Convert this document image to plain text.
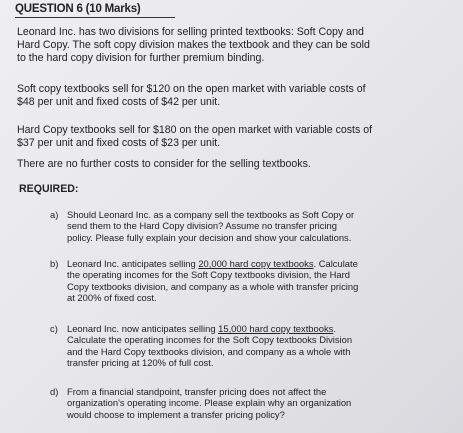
QUESTION 6 (10 Marks)
Leonard Inc. has two divisions for selling printed textbooks: Soft Copy and
Hard Copy. The soft copy division makes the textbook and they can be sold
to the hard copy division for further premium binding.
Soft copy textbooks sell for $120 on the open market with variable costs of
$48 per unit and fixed costs of $42 per unit.
Hard Copy textbooks sell for $180 on the open market with variable costs of
$37 per unit and fixed costs of $23 per unit.
There are no further costs to consider for the selling textbooks.
REQUIRED:
a) Should Leonard Inc. as a company sell the textbooks as Soft Copy or
send them to the Hard Copy division? Assume no transfer pricing
policy. Please fully explain your decision and show your calculations.
b) Leonard Inc. anticipates selling 20,000 hard copy textbooks. Calculate
the operating incomes for the Soft Copy textbooks division, the Hard
Copy textbooks division, and company as a whole with transfer pricing
at 200% of fixed cost.
c) Leonard Inc. now anticipates selling 15,000 hard copy textbooks.
Calculate the operating incomes for the Soft Copy textbooks Division
and the Hard Copy textbooks division, and company as a whole with
transfer pricing at 120% of full cost.
d) From a financial standpoint, transfer pricing does not affect the
organization's operating income. Please explain why an organization
would choose to implement a transfer pricing policy?
